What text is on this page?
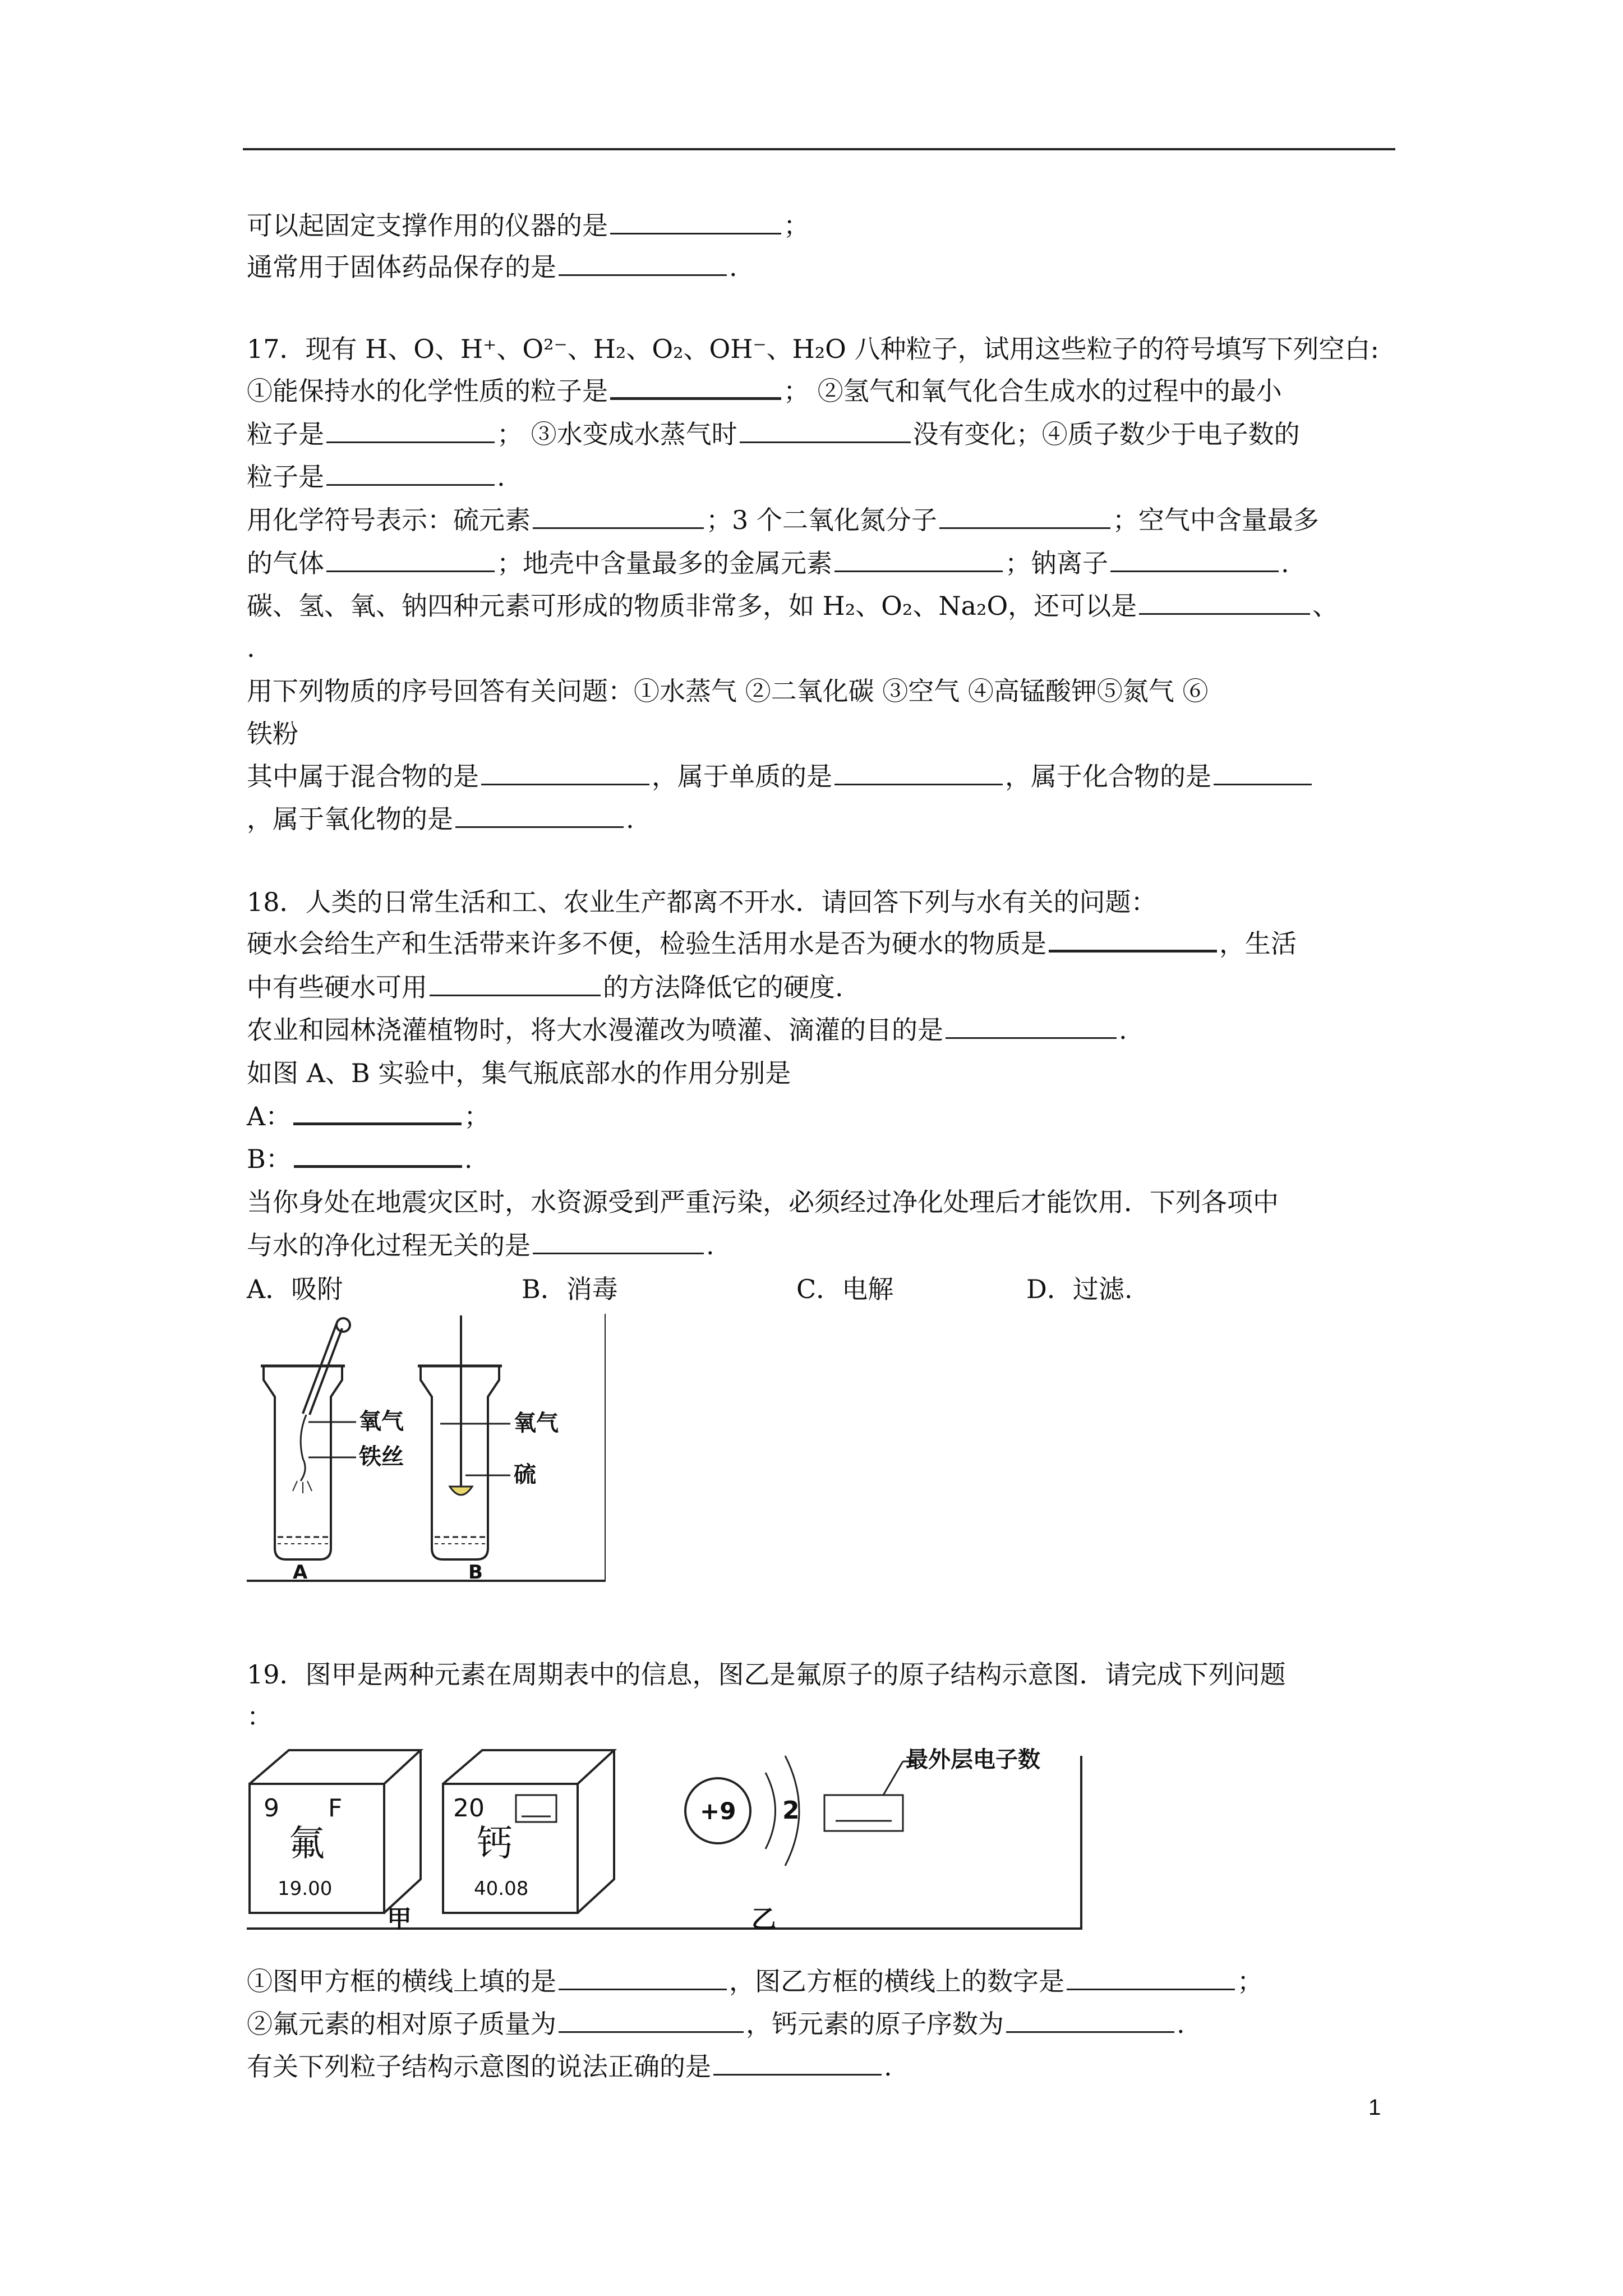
可以起固定支撑作用的仪器的是	；
通常用于固体药品保存的是	.
17．现有 H、O、H⁺、O²⁻、H₂、O₂、OH⁻、H₂O 八种粒子，试用这些粒子的符号填写下列空白:
①能保持水的化学性质的粒子是	； ②氢气和氧气化合生成水的过程中的最小
粒子是	； ③水变成水蒸气时	没有变化；④质子数少于电子数的
粒子是	.
用化学符号表示：硫元素	；3 个二氧化氮分子	；空气中含量最多
的气体	；地壳中含量最多的金属元素	；钠离子	.
碳、氢、氧、钠四种元素可形成的物质非常多，如 H₂、O₂、Na₂O，还可以是	、
.
用下列物质的序号回答有关问题：①水蒸气 ②二氧化碳 ③空气 ④高锰酸钾⑤氮气 ⑥
铁粉
其中属于混合物的是	，属于单质的是	，属于化合物的是
，属于氧化物的是	.
18．人类的日常生活和工、农业生产都离不开水．请回答下列与水有关的问题：
硬水会给生产和生活带来许多不便，检验生活用水是否为硬水的物质是	，生活
中有些硬水可用	的方法降低它的硬度.
农业和园林浇灌植物时，将大水漫灌改为喷灌、滴灌的目的是	.
如图 A、B 实验中，集气瓶底部水的作用分别是
A：	；
B：	.
当你身处在地震灾区时，水资源受到严重污染，必须经过净化处理后才能饮用．下列各项中
与水的净化过程无关的是	.
A．吸附	B．消毒	C．电解	D．过滤.
氧气
铁丝
A
氧气
硫
B
19．图甲是两种元素在周期表中的信息，图乙是氟原子的原子结构示意图．请完成下列问题
：
9 F
氟
19.00
20
钙
40.08
+9 2
最外层电子数
甲	乙
①图甲方框的横线上填的是	，图乙方框的横线上的数字是	；
②氟元素的相对原子质量为	，钙元素的原子序数为	.
有关下列粒子结构示意图的说法正确的是	.
1
